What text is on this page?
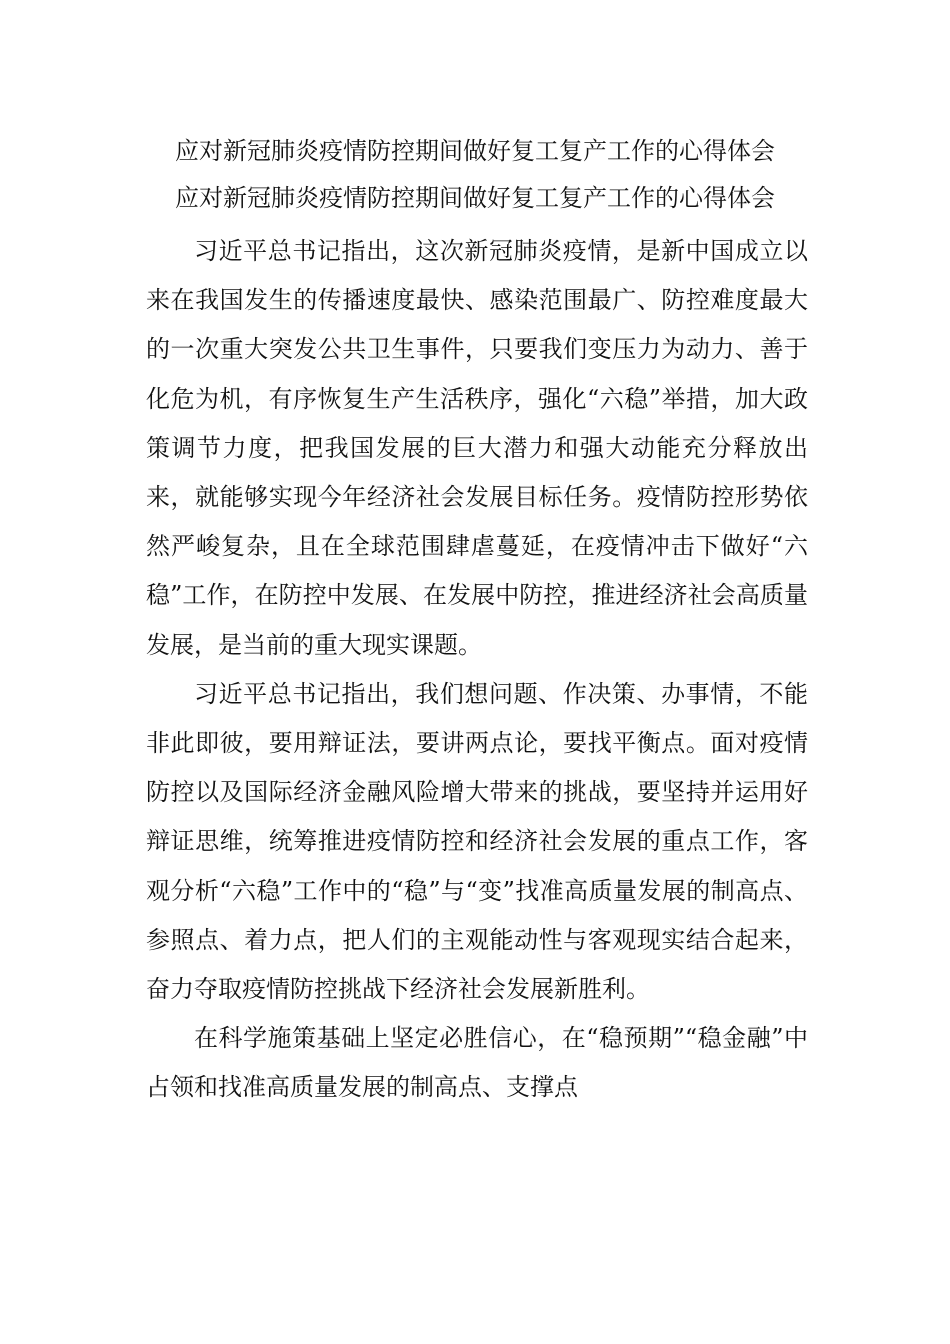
应对新冠肺炎疫情防控期间做好复工复产工作的心得体会
应对新冠肺炎疫情防控期间做好复工复产工作的心得体会

习近平总书记指出，这次新冠肺炎疫情，是新中国成立以来在我国发生的传播速度最快、感染范围最广、防控难度最大的一次重大突发公共卫生事件，只要我们变压力为动力、善于化危为机，有序恢复生产生活秩序，强化“六稳”举措，加大政策调节力度，把我国发展的巨大潜力和强大动能充分释放出来，就能够实现今年经济社会发展目标任务。疫情防控形势依然严峻复杂，且在全球范围肆虐蔓延，在疫情冲击下做好“六稳”工作，在防控中发展、在发展中防控，推进经济社会高质量发展，是当前的重大现实课题。

习近平总书记指出，我们想问题、作决策、办事情，不能非此即彼，要用辩证法，要讲两点论，要找平衡点。面对疫情防控以及国际经济金融风险增大带来的挑战，要坚持并运用好辩证思维，统筹推进疫情防控和经济社会发展的重点工作，客观分析“六稳”工作中的“稳”与“变”找准高质量发展的制高点、参照点、着力点，把人们的主观能动性与客观现实结合起来，奋力夺取疫情防控挑战下经济社会发展新胜利。

在科学施策基础上坚定必胜信心，在“稳预期”“稳金融”中占领和找准高质量发展的制高点、支撑点
